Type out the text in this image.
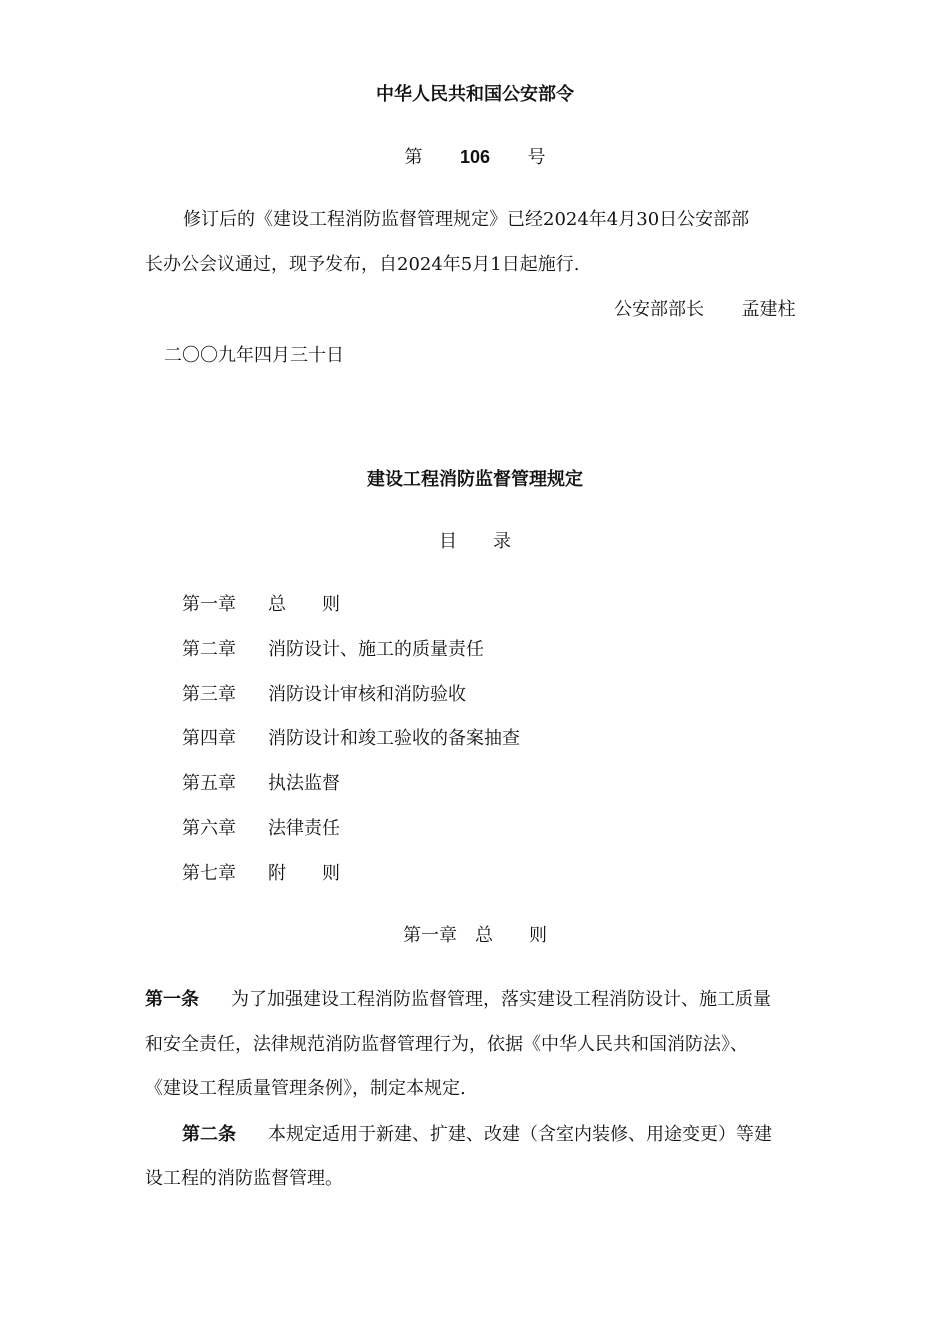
中华人民共和国公安部令
第 106 号
修订后的《建设工程消防监督管理规定》已经2024年4月30日公安部部
长办公会议通过，现予发布，自2024年5月1日起施行.
公安部部长 孟建柱
二〇〇九年四月三十日
建设工程消防监督管理规定
目　　录
第一章 总　　则
第二章 消防设计、施工的质量责任
第三章 消防设计审核和消防验收
第四章 消防设计和竣工验收的备案抽查
第五章 执法监督
第六章 法律责任
第七章 附　　则
第一章　总　　则
第一条 为了加强建设工程消防监督管理，落实建设工程消防设计、施工质量
和安全责任，法律规范消防监督管理行为，依据《中华人民共和国消防法》、
《建设工程质量管理条例》，制定本规定.
第二条 本规定适用于新建、扩建、改建（含室内装修、用途变更）等建
设工程的消防监督管理。
